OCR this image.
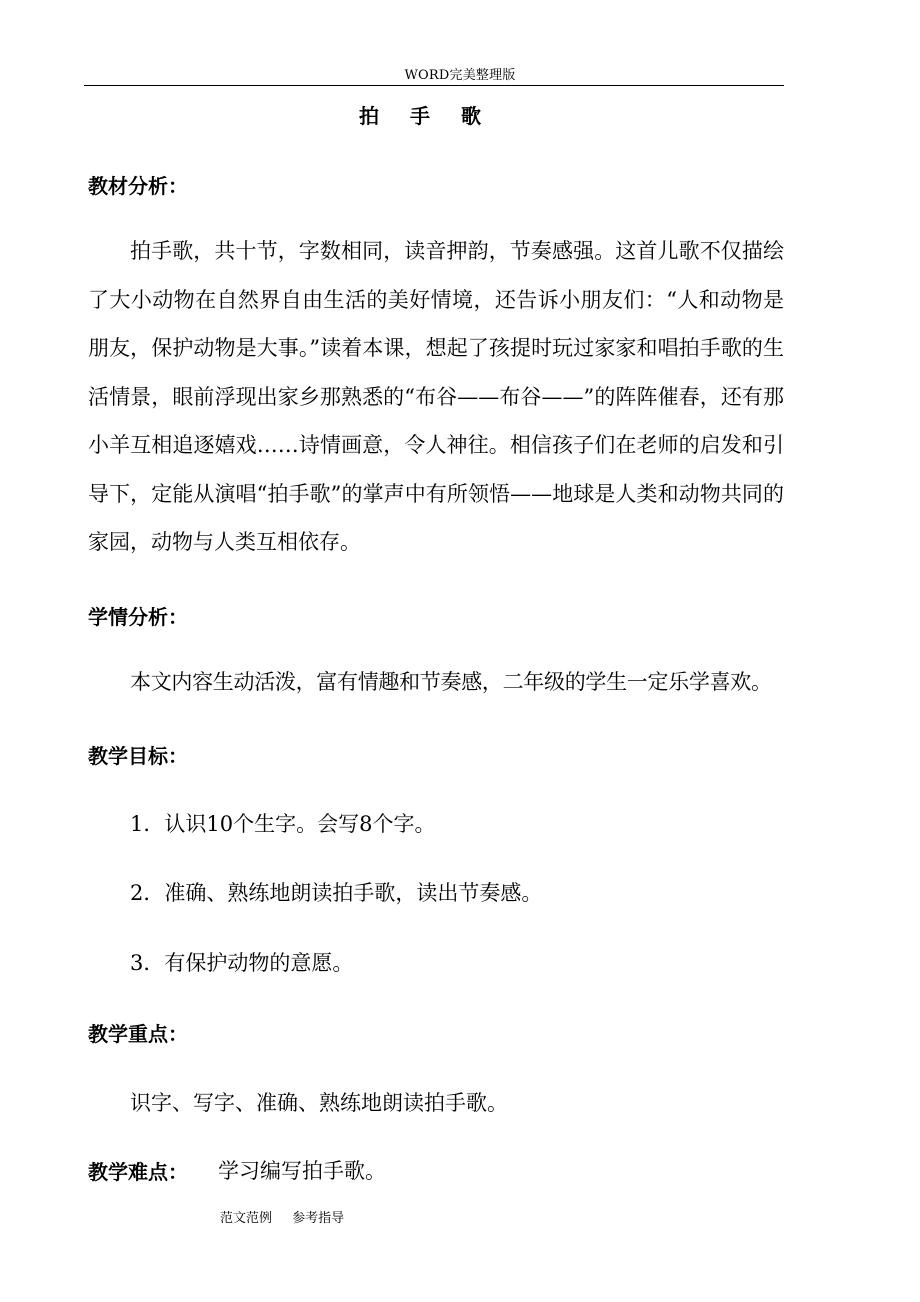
WORD完美整理版
拍 手 歌
教材分析：
拍手歌，共十节，字数相同，读音押韵，节奏感强。这首儿歌不仅描绘了大小动物在自然界自由生活的美好情境，还告诉小朋友们：“人和动物是朋友，保护动物是大事。”读着本课，想起了孩提时玩过家家和唱拍手歌的生活情景，眼前浮现出家乡那熟悉的“布谷——布谷——”的阵阵催春，还有那小羊互相追逐嬉戏……诗情画意，令人神往。相信孩子们在老师的启发和引导下，定能从演唱“拍手歌”的掌声中有所领悟——地球是人类和动物共同的家园，动物与人类互相依存。
学情分析：
本文内容生动活泼，富有情趣和节奏感，二年级的学生一定乐学喜欢。
教学目标：
1．认识10个生字。会写8个字。
2．准确、熟练地朗读拍手歌，读出节奏感。
3．有保护动物的意愿。
教学重点：
识字、写字、准确、熟练地朗读拍手歌。
教学难点： 学习编写拍手歌。
范文范例 参考指导
